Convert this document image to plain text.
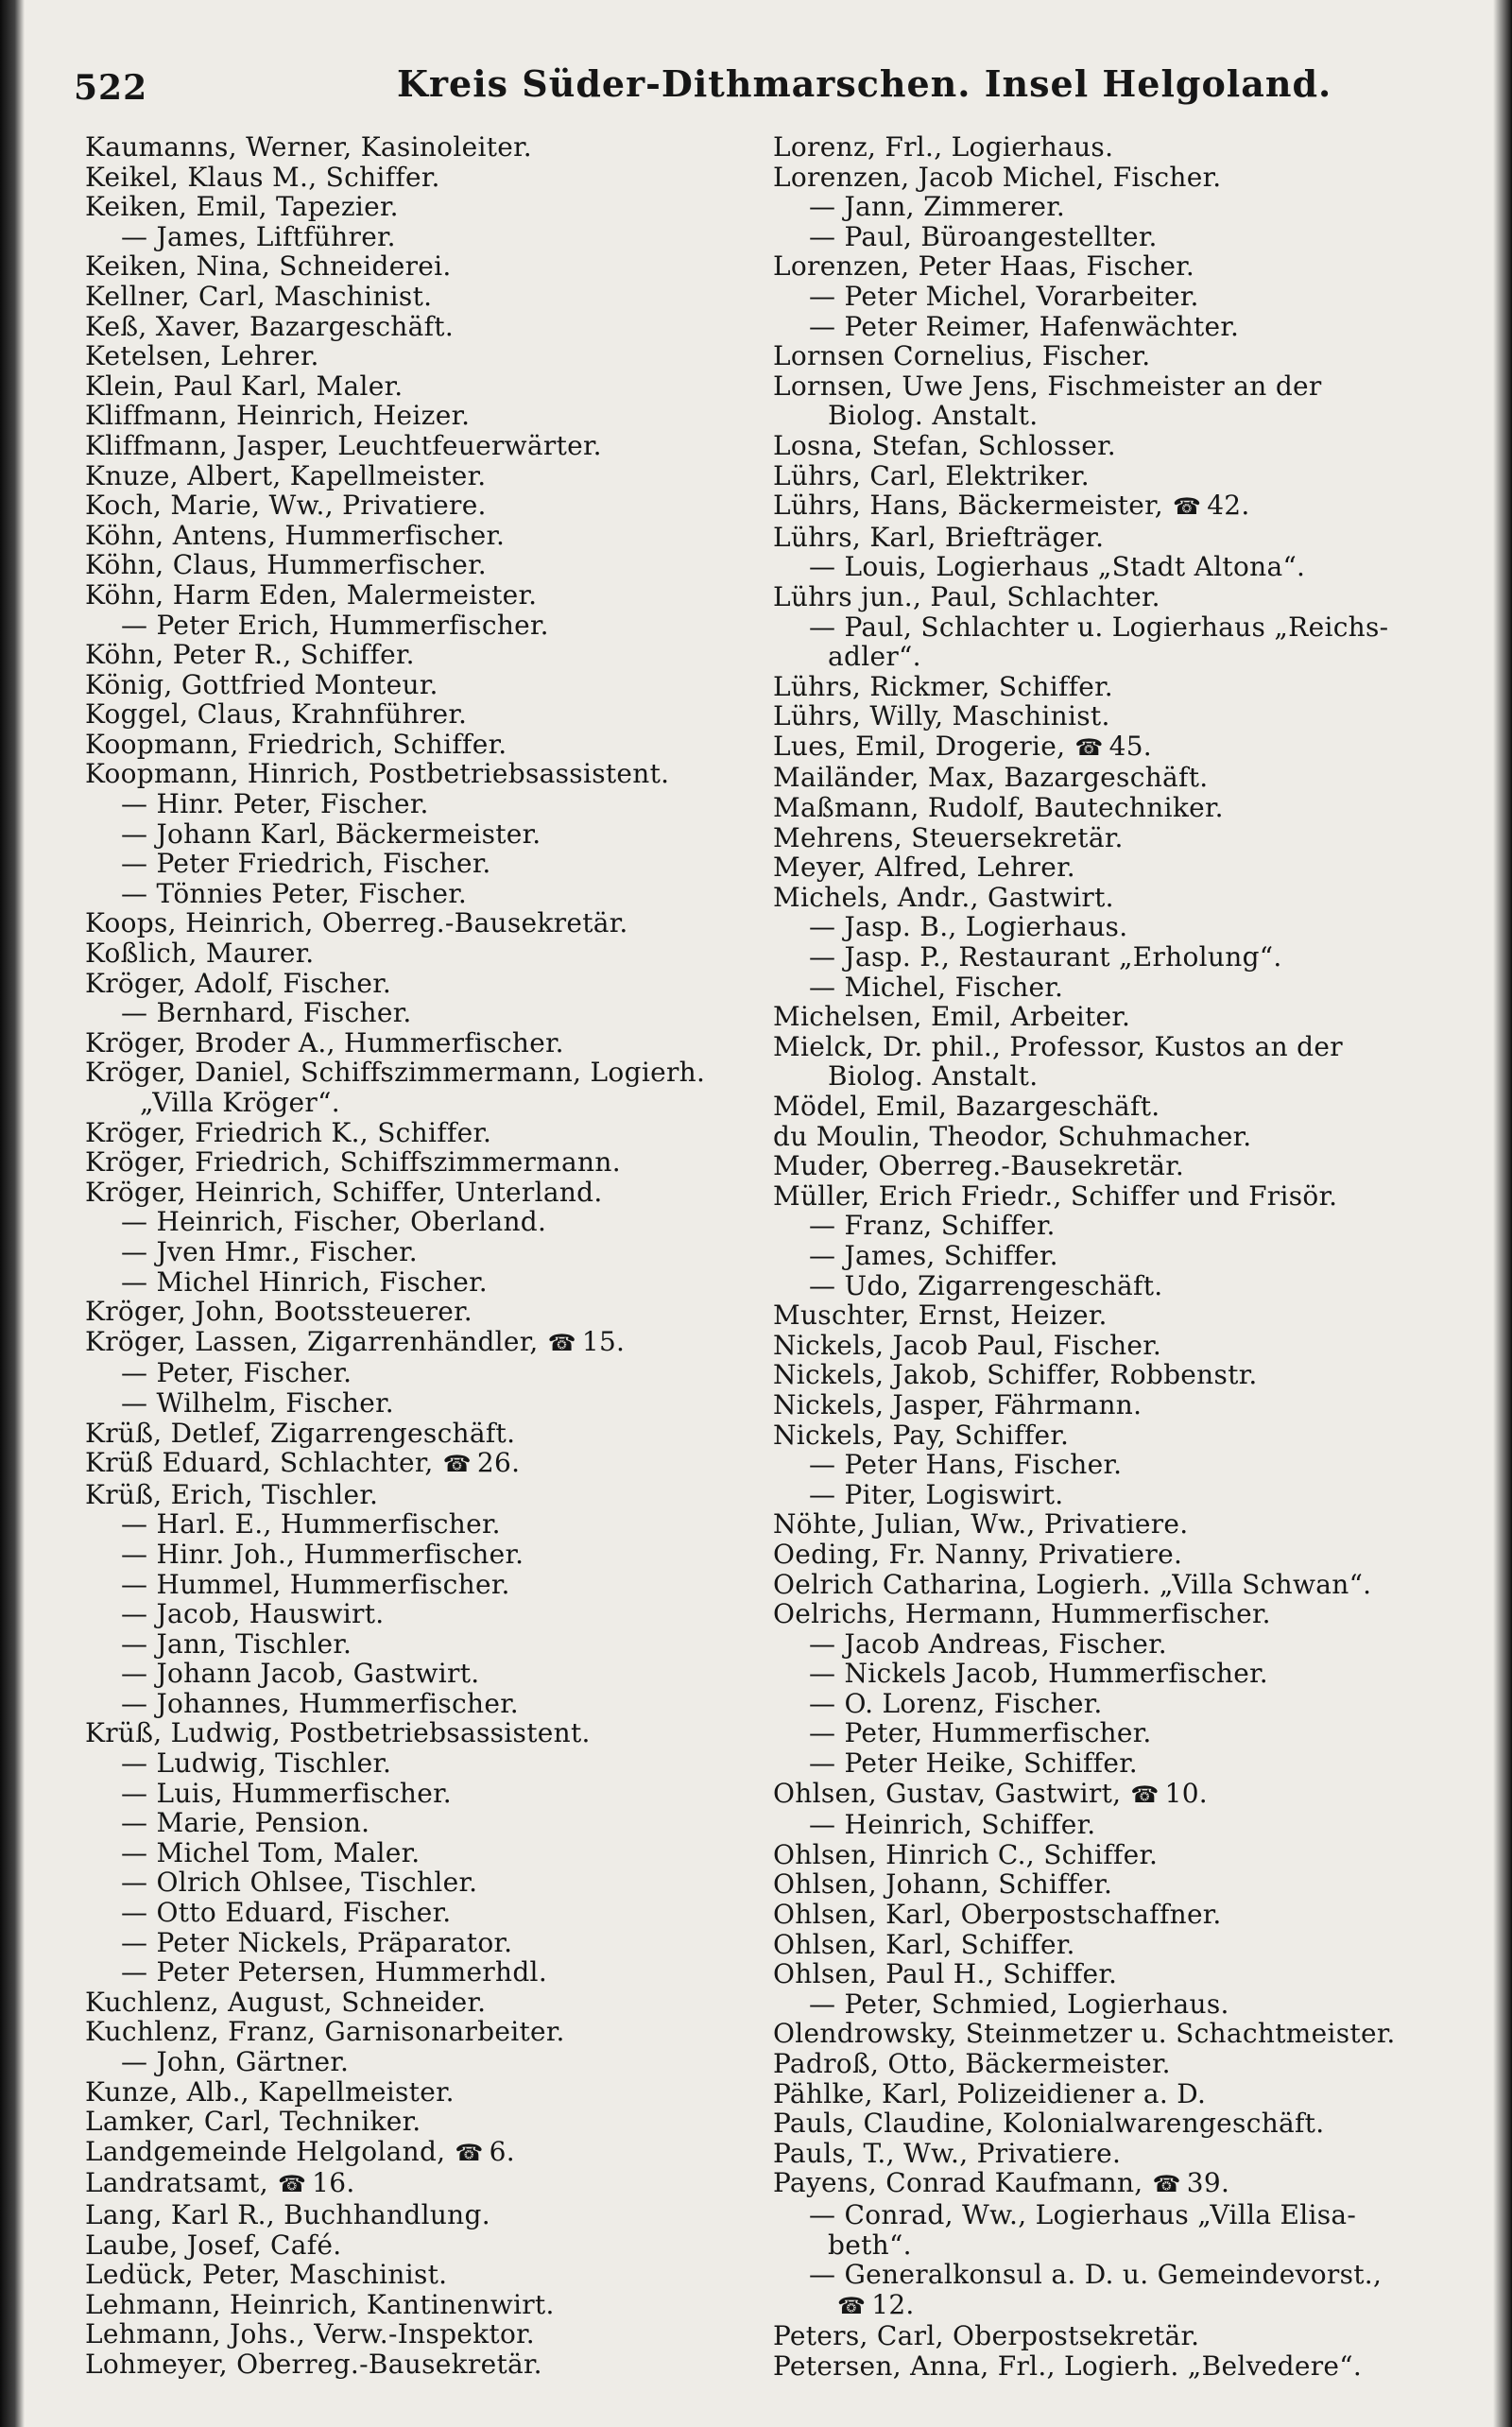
522	Kreis Süder-Dithmarschen. Insel Helgoland.
Kaumanns, Werner, Kasinoleiter.
Keikel, Klaus M., Schiffer.
Keiken, Emil, Tapezier.
— James, Liftführer.
Keiken, Nina, Schneiderei.
Kellner, Carl, Maschinist.
Keß, Xaver, Bazargeschäft.
Ketelsen, Lehrer.
Klein, Paul Karl, Maler.
Kliffmann, Heinrich, Heizer.
Kliffmann, Jasper, Leuchtfeuerwärter.
Knuze, Albert, Kapellmeister.
Koch, Marie, Ww., Privatiere.
Köhn, Antens, Hummerfischer.
Köhn, Claus, Hummerfischer.
Köhn, Harm Eden, Malermeister.
— Peter Erich, Hummerfischer.
Köhn, Peter R., Schiffer.
König, Gottfried Monteur.
Koggel, Claus, Krahnführer.
Koopmann, Friedrich, Schiffer.
Koopmann, Hinrich, Postbetriebsassistent.
— Hinr. Peter, Fischer.
— Johann Karl, Bäckermeister.
— Peter Friedrich, Fischer.
— Tönnies Peter, Fischer.
Koops, Heinrich, Oberreg.-Bausekretär.
Koßlich, Maurer.
Kröger, Adolf, Fischer.
— Bernhard, Fischer.
Kröger, Broder A., Hummerfischer.
Kröger, Daniel, Schiffszimmermann, Logierh.
„Villa Kröger“.
Kröger, Friedrich K., Schiffer.
Kröger, Friedrich, Schiffszimmermann.
Kröger, Heinrich, Schiffer, Unterland.
— Heinrich, Fischer, Oberland.
— Jven Hmr., Fischer.
— Michel Hinrich, Fischer.
Kröger, John, Bootssteuerer.
Kröger, Lassen, Zigarrenhändler, ☎ 15.
— Peter, Fischer.
— Wilhelm, Fischer.
Krüß, Detlef, Zigarrengeschäft.
Krüß Eduard, Schlachter, ☎ 26.
Krüß, Erich, Tischler.
— Harl. E., Hummerfischer.
— Hinr. Joh., Hummerfischer.
— Hummel, Hummerfischer.
— Jacob, Hauswirt.
— Jann, Tischler.
— Johann Jacob, Gastwirt.
— Johannes, Hummerfischer.
Krüß, Ludwig, Postbetriebsassistent.
— Ludwig, Tischler.
— Luis, Hummerfischer.
— Marie, Pension.
— Michel Tom, Maler.
— Olrich Ohlsee, Tischler.
— Otto Eduard, Fischer.
— Peter Nickels, Präparator.
— Peter Petersen, Hummerhdl.
Kuchlenz, August, Schneider.
Kuchlenz, Franz, Garnisonarbeiter.
— John, Gärtner.
Kunze, Alb., Kapellmeister.
Lamker, Carl, Techniker.
Landgemeinde Helgoland, ☎ 6.
Landratsamt, ☎ 16.
Lang, Karl R., Buchhandlung.
Laube, Josef, Café.
Ledück, Peter, Maschinist.
Lehmann, Heinrich, Kantinenwirt.
Lehmann, Johs., Verw.-Inspektor.
Lohmeyer, Oberreg.-Bausekretär.
Lorenz, Frl., Logierhaus.
Lorenzen, Jacob Michel, Fischer.
— Jann, Zimmerer.
— Paul, Büroangestellter.
Lorenzen, Peter Haas, Fischer.
— Peter Michel, Vorarbeiter.
— Peter Reimer, Hafenwächter.
Lornsen Cornelius, Fischer.
Lornsen, Uwe Jens, Fischmeister an der
Biolog. Anstalt.
Losna, Stefan, Schlosser.
Lührs, Carl, Elektriker.
Lührs, Hans, Bäckermeister, ☎ 42.
Lührs, Karl, Briefträger.
— Louis, Logierhaus „Stadt Altona“.
Lührs jun., Paul, Schlachter.
— Paul, Schlachter u. Logierhaus „Reichs-
adler“.
Lührs, Rickmer, Schiffer.
Lührs, Willy, Maschinist.
Lues, Emil, Drogerie, ☎ 45.
Mailänder, Max, Bazargeschäft.
Maßmann, Rudolf, Bautechniker.
Mehrens, Steuersekretär.
Meyer, Alfred, Lehrer.
Michels, Andr., Gastwirt.
— Jasp. B., Logierhaus.
— Jasp. P., Restaurant „Erholung“.
— Michel, Fischer.
Michelsen, Emil, Arbeiter.
Mielck, Dr. phil., Professor, Kustos an der
Biolog. Anstalt.
Mödel, Emil, Bazargeschäft.
du Moulin, Theodor, Schuhmacher.
Muder, Oberreg.-Bausekretär.
Müller, Erich Friedr., Schiffer und Frisör.
— Franz, Schiffer.
— James, Schiffer.
— Udo, Zigarrengeschäft.
Muschter, Ernst, Heizer.
Nickels, Jacob Paul, Fischer.
Nickels, Jakob, Schiffer, Robbenstr.
Nickels, Jasper, Fährmann.
Nickels, Pay, Schiffer.
— Peter Hans, Fischer.
— Piter, Logiswirt.
Nöhte, Julian, Ww., Privatiere.
Oeding, Fr. Nanny, Privatiere.
Oelrich Catharina, Logierh. „Villa Schwan“.
Oelrichs, Hermann, Hummerfischer.
— Jacob Andreas, Fischer.
— Nickels Jacob, Hummerfischer.
— O. Lorenz, Fischer.
— Peter, Hummerfischer.
— Peter Heike, Schiffer.
Ohlsen, Gustav, Gastwirt, ☎ 10.
— Heinrich, Schiffer.
Ohlsen, Hinrich C., Schiffer.
Ohlsen, Johann, Schiffer.
Ohlsen, Karl, Oberpostschaffner.
Ohlsen, Karl, Schiffer.
Ohlsen, Paul H., Schiffer.
— Peter, Schmied, Logierhaus.
Olendrowsky, Steinmetzer u. Schachtmeister.
Padroß, Otto, Bäckermeister.
Pählke, Karl, Polizeidiener a. D.
Pauls, Claudine, Kolonialwarengeschäft.
Pauls, T., Ww., Privatiere.
Payens, Conrad Kaufmann, ☎ 39.
— Conrad, Ww., Logierhaus „Villa Elisa-
beth“.
— Generalkonsul a. D. u. Gemeindevorst.,
☎ 12.
Peters, Carl, Oberpostsekretär.
Petersen, Anna, Frl., Logierh. „Belvedere“.
